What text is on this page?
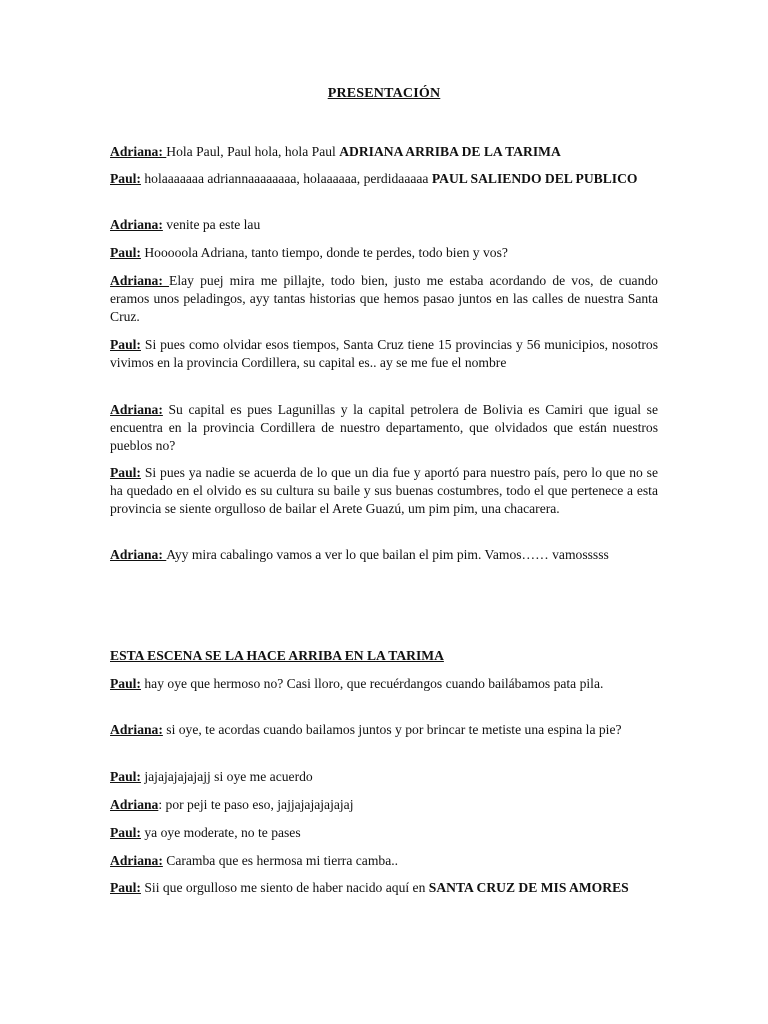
PRESENTACIÓN
Adriana: Hola Paul, Paul hola, hola Paul ADRIANA ARRIBA DE LA TARIMA
Paul: holaaaaaaa adriannaaaaaaaa, holaaaaaa, perdidaaaaa PAUL SALIENDO DEL PUBLICO
Adriana: venite pa este lau
Paul: Hooooola Adriana, tanto tiempo, donde te perdes, todo bien y vos?
Adriana: Elay puej mira me pillajte, todo bien, justo me estaba acordando de vos, de cuando eramos unos peladingos, ayy tantas historias que hemos pasao juntos en las calles de nuestra Santa Cruz.
Paul: Si pues como olvidar esos tiempos, Santa Cruz tiene 15 provincias y 56 municipios, nosotros vivimos en la provincia Cordillera, su capital es.. ay se me fue el nombre
Adriana: Su capital es pues Lagunillas y la capital petrolera de Bolivia es Camiri que igual se encuentra en la provincia Cordillera de nuestro departamento, que olvidados que están nuestros pueblos no?
Paul: Si pues ya nadie se acuerda de lo que un dia fue y aportó para nuestro país, pero lo que no se ha quedado en el olvido es su cultura su baile y sus buenas costumbres, todo el que pertenece a esta provincia se siente orgulloso de bailar el Arete Guazú, um pim pim, una chacarera.
Adriana: Ayy mira cabalingo vamos a ver lo que bailan el pim pim. Vamos…… vamosssss
ESTA ESCENA SE LA HACE ARRIBA EN LA TARIMA
Paul: hay oye que hermoso no? Casi lloro, que recuérdangos cuando bailábamos pata pila.
Adriana: si oye, te acordas cuando bailamos juntos y por brincar te metiste una espina la pie?
Paul: jajajajajajajj si oye me acuerdo
Adriana: por peji te paso eso, jajjajajajajajaj
Paul: ya oye moderate, no te pases
Adriana: Caramba que es hermosa mi tierra camba..
Paul: Sii que orgulloso me siento de haber nacido aquí en SANTA CRUZ DE MIS AMORES
